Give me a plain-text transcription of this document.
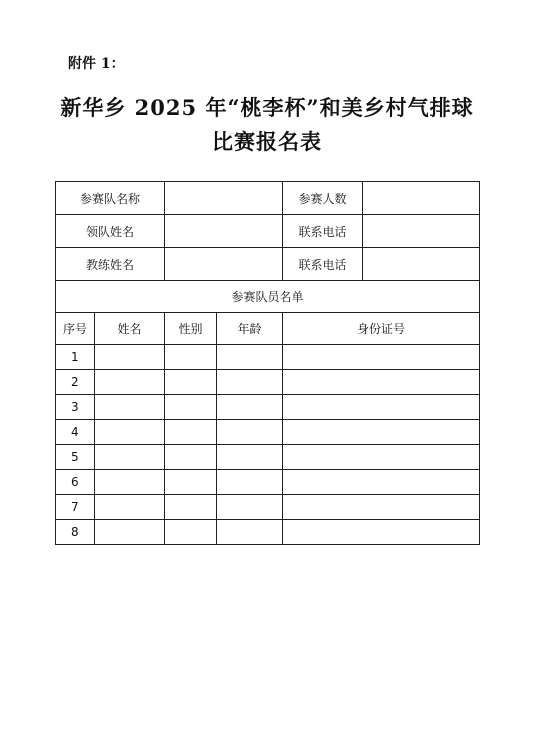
附件 1：
新华乡 2025 年“桃李杯”和美乡村气排球
比赛报名表
参赛队名称				参赛人数	
领队姓名				联系电话	
教练姓名				联系电话	
参赛队员名单					
序号	姓名	性别	年龄	身份证号	
1					
2					
3					
4					
5					
6					
7					
8					
